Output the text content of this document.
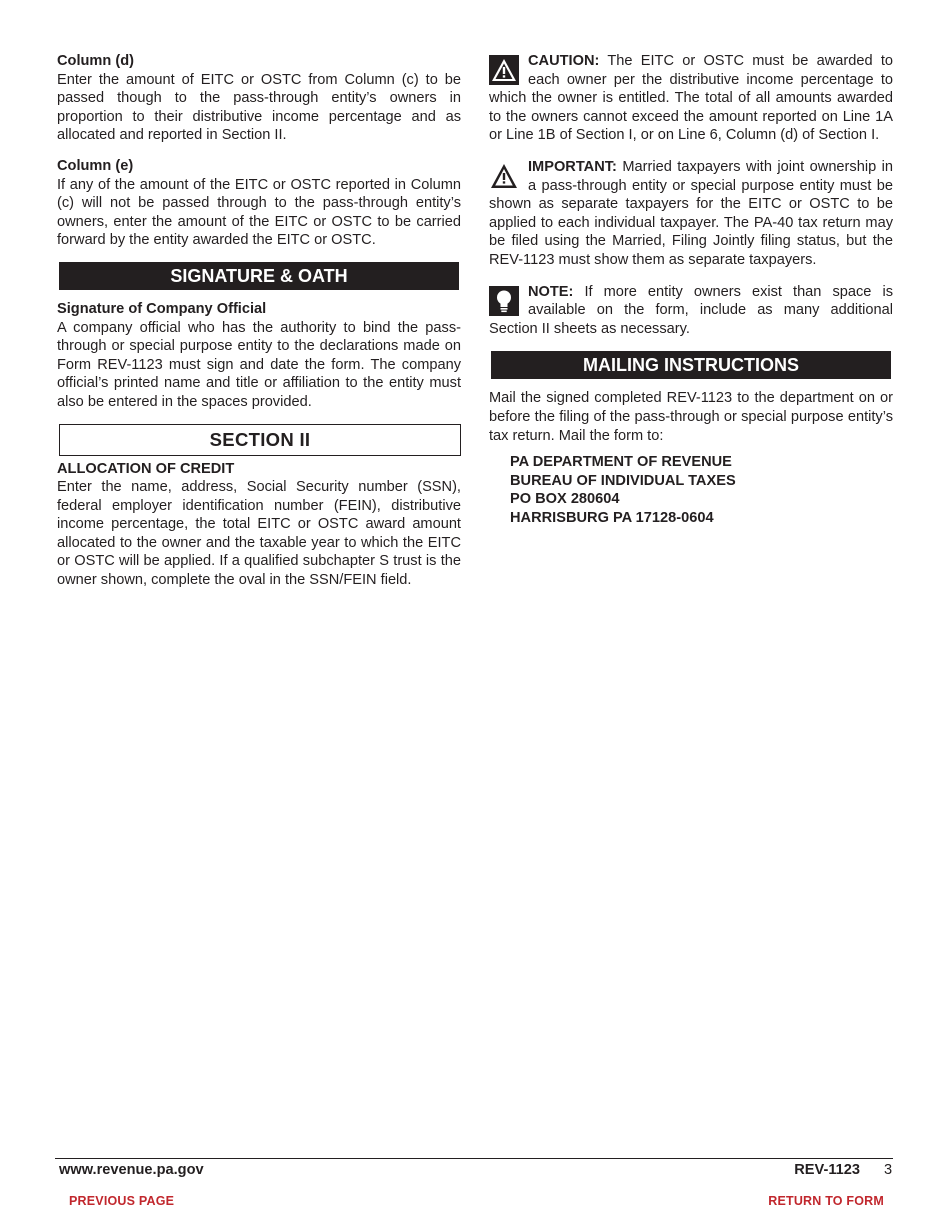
Column (d)

Enter the amount of EITC or OSTC from Column (c) to be passed though to the pass-through entity’s owners in proportion to their distributive income percentage and as allocated and reported in Section II.

Column (e)

If any of the amount of the EITC or OSTC reported in Column (c) will not be passed through to the pass-through entity’s owners, enter the amount of the EITC or OSTC to be carried forward by the entity awarded the EITC or OSTC.

SIGNATURE & OATH

Signature of Company Official

A company official who has the authority to bind the pass-through or special purpose entity to the declarations made on Form REV-1123 must sign and date the form. The company official’s printed name and title or affiliation to the entity must also be entered in the spaces provided.

SECTION II

ALLOCATION OF CREDIT

Enter the name, address, Social Security number (SSN), federal employer identification number (FEIN), distributive income percentage, the total EITC or OSTC award amount allocated to the owner and the taxable year to which the EITC or OSTC will be applied. If a qualified subchapter S trust is the owner shown, complete the oval in the SSN/FEIN field.

CAUTION: The EITC or OSTC must be awarded to each owner per the distributive income percentage to which the owner is entitled. The total of all amounts awarded to the owners cannot exceed the amount reported on Line 1A or Line 1B of Section I, or on Line 6, Column (d) of Section I.

IMPORTANT: Married taxpayers with joint ownership in a pass-through entity or special purpose entity must be shown as separate taxpayers for the EITC or OSTC to be applied to each individual taxpayer. The PA-40 tax return may be filed using the Married, Filing Jointly filing status, but the REV-1123 must show them as separate taxpayers.

NOTE: If more entity owners exist than space is available on the form, include as many additional Section II sheets as necessary.

MAILING INSTRUCTIONS

Mail the signed completed REV-1123 to the department on or before the filing of the pass-through or special purpose entity’s tax return. Mail the form to:

PA DEPARTMENT OF REVENUE
BUREAU OF INDIVIDUAL TAXES
PO BOX 280604
HARRISBURG PA 17128-0604
www.revenue.pa.gov	REV-1123 3
PREVIOUS PAGE	RETURN TO FORM
